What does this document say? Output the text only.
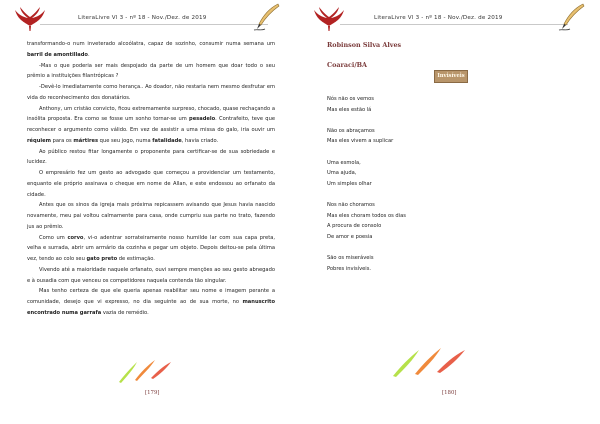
LiteraLivre Vl 3 - nº 18 - Nov./Dez. de 2019

transformando-o num inveterado alcoólatra, capaz de sozinho, consumir numa semana um barril de amontillado.

-Mas o que poderia ser mais despojado da parte de um homem que doar todo o seu prêmio a instituições filantrópicas ?

-Devê-lo imediatamente como herança.. Ao doador, não restaria nem mesmo desfrutar em vida do reconhecimento dos donatários.

Anthony, um cristão convicto, ficou extremamente surpreso, chocado, quase rechaçando a insólita proposta. Era como se fosse um sonho tornar-se um pesadelo. Contrafeito, teve que reconhecer o argumento como válido. Em vez de assistir a uma missa do galo, iria ouvir um réquiem para os mártires que seu jogo, numa fatalidade, havia criado.

Ao público restou fitar longamente o proponente para certificar-se de sua sobriedade e lucidez.

O empresário fez um gesto ao advogado que começou a providenciar um testamento, enquanto ele próprio assinava o cheque em nome de Allan, e este endossou ao orfanato da cidade.

Antes que os sinos da igreja mais próxima repicassem avisando que Jesus havia nascido novamente, meu pai voltou calmamente para casa, onde cumpriu sua parte no trato, fazendo jus ao prêmio.

Como um corvo, vi-o adentrar sorrateiramente nosso humilde lar com sua capa preta, velha e surrada, abrir um armário da cozinha e pegar um objeto. Depois deitou-se pela última vez, tendo ao colo seu gato preto de estimação.

Vivendo até a maioridade naquele orfanato, ouvi sempre menções ao seu gesto abnegado e à ousadia com que venceu os competidores naquela contenda tão singular.

Mas tenho certeza de que ele queria apenas reabilitar seu nome e imagem perante a comunidade, desejo que vi expresso, no dia seguinte ao de sua morte, no manuscrito encontrado numa garrafa vazia de remédio.

[179]
LiteraLivre Vl 3 - nº 18 - Nov./Dez. de 2019
Robinson Silva Alves
Coaraci/BA
Invisíveis
Nós não os vemos
Mas eles estão lá
Não os abraçamos
Mas eles vivem a suplicar
Uma esmola,
Uma ajuda,
Um simples olhar
Nos não choramos
Mas eles choram todos os dias
A procura de consolo
De amor e poesia
São os miseráveis
Pobres invisíveis.
[180]
